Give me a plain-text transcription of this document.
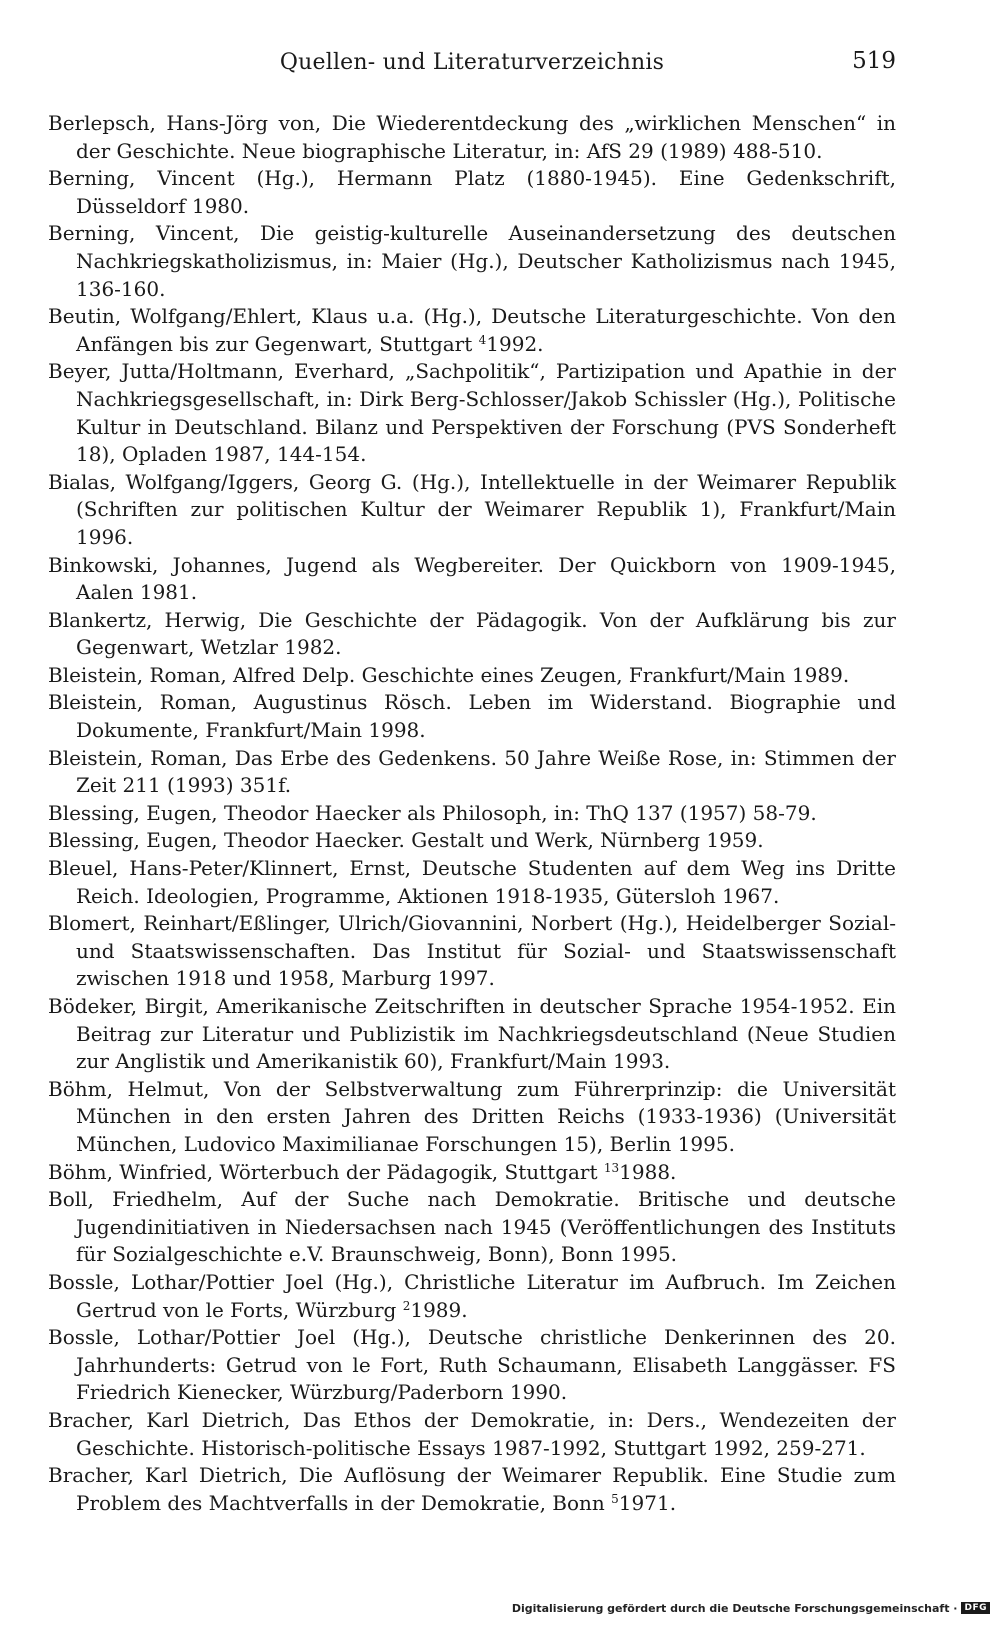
Quellen- und Literaturverzeichnis	519

Berlepsch, Hans-Jörg von, Die Wiederentdeckung des „wirklichen Menschen“ in der Geschichte. Neue biographische Literatur, in: AfS 29 (1989) 488-510.

Berning, Vincent (Hg.), Hermann Platz (1880-1945). Eine Gedenkschrift, Düsseldorf 1980.

Berning, Vincent, Die geistig-kulturelle Auseinandersetzung des deutschen Nachkriegskatholizismus, in: Maier (Hg.), Deutscher Katholizismus nach 1945, 136-160.

Beutin, Wolfgang/Ehlert, Klaus u.a. (Hg.), Deutsche Literaturgeschichte. Von den Anfängen bis zur Gegenwart, Stuttgart $^4$1992.

Beyer, Jutta/Holtmann, Everhard, „Sachpolitik“, Partizipation und Apathie in der Nachkriegsgesellschaft, in: Dirk Berg-Schlosser/Jakob Schissler (Hg.), Politische Kultur in Deutschland. Bilanz und Perspektiven der Forschung (PVS Sonderheft 18), Opladen 1987, 144-154.

Bialas, Wolfgang/Iggers, Georg G. (Hg.), Intellektuelle in der Weimarer Republik (Schriften zur politischen Kultur der Weimarer Republik 1), Frankfurt/Main 1996.

Binkowski, Johannes, Jugend als Wegbereiter. Der Quickborn von 1909-1945, Aalen 1981.

Blankertz, Herwig, Die Geschichte der Pädagogik. Von der Aufklärung bis zur Gegenwart, Wetzlar 1982.

Bleistein, Roman, Alfred Delp. Geschichte eines Zeugen, Frankfurt/Main 1989.

Bleistein, Roman, Augustinus Rösch. Leben im Widerstand. Biographie und Dokumente, Frankfurt/Main 1998.

Bleistein, Roman, Das Erbe des Gedenkens. 50 Jahre Weiße Rose, in: Stimmen der Zeit 211 (1993) 351f.

Blessing, Eugen, Theodor Haecker als Philosoph, in: ThQ 137 (1957) 58-79.

Blessing, Eugen, Theodor Haecker. Gestalt und Werk, Nürnberg 1959.

Bleuel, Hans-Peter/Klinnert, Ernst, Deutsche Studenten auf dem Weg ins Dritte Reich. Ideologien, Programme, Aktionen 1918-1935, Gütersloh 1967.

Blomert, Reinhart/Eßlinger, Ulrich/Giovannini, Norbert (Hg.), Heidelberger Sozial- und Staatswissenschaften. Das Institut für Sozial- und Staatswissenschaft zwischen 1918 und 1958, Marburg 1997.

Bödeker, Birgit, Amerikanische Zeitschriften in deutscher Sprache 1954-1952. Ein Beitrag zur Literatur und Publizistik im Nachkriegsdeutschland (Neue Studien zur Anglistik und Amerikanistik 60), Frankfurt/Main 1993.

Böhm, Helmut, Von der Selbstverwaltung zum Führerprinzip: die Universität München in den ersten Jahren des Dritten Reichs (1933-1936) (Universität München, Ludovico Maximilianae Forschungen 15), Berlin 1995.

Böhm, Winfried, Wörterbuch der Pädagogik, Stuttgart $^{13}$1988.

Boll, Friedhelm, Auf der Suche nach Demokratie. Britische und deutsche Jugendinitiativen in Niedersachsen nach 1945 (Veröffentlichungen des Instituts für Sozialgeschichte e.V. Braunschweig, Bonn), Bonn 1995.

Bossle, Lothar/Pottier Joel (Hg.), Christliche Literatur im Aufbruch. Im Zeichen Gertrud von le Forts, Würzburg $^2$1989.

Bossle, Lothar/Pottier Joel (Hg.), Deutsche christliche Denkerinnen des 20. Jahrhunderts: Getrud von le Fort, Ruth Schaumann, Elisabeth Langgässer. FS Friedrich Kienecker, Würzburg/Paderborn 1990.

Bracher, Karl Dietrich, Das Ethos der Demokratie, in: Ders., Wendezeiten der Geschichte. Historisch-politische Essays 1987-1992, Stuttgart 1992, 259-271.

Bracher, Karl Dietrich, Die Auflösung der Weimarer Republik. Eine Studie zum Problem des Machtverfalls in der Demokratie, Bonn $^5$1971.

Digitalisierung gefördert durch die Deutsche Forschungsgemeinschaft · DFG
